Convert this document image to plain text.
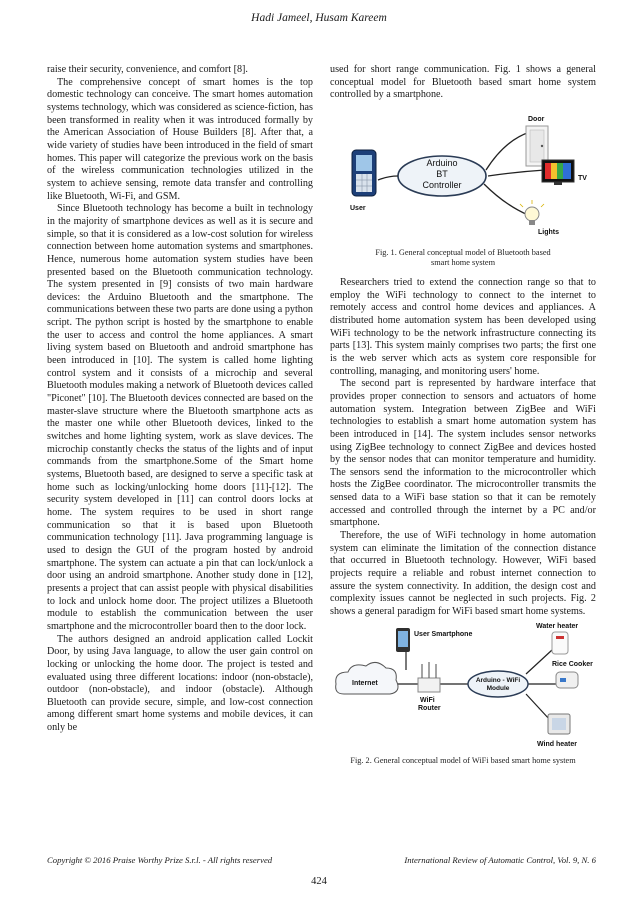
Hadi Jameel, Husam Kareem

raise their security, convenience, and comfort [8].

The comprehensive concept of smart homes is the top domestic technology can conceive. The smart homes automation systems technology, which was considered as science-fiction, has been transformed in reality when it was introduced formally by the American Association of House Builders [8]. After that, a wide variety of studies have been introduced in the field of smart homes. This paper will categorize the previous work on the basis of the wireless communication technologies utilized in the system to achieve sensing, remote data transfer and controlling like Bluetooth, Wi-Fi, and GSM.

Since Bluetooth technology has become a built in technology in the majority of smartphone devices as well as it is secure and simple, so that it is considered as a low-cost solution for wireless connection between home automation systems and smartphones. Hence, numerous home automation system studies have been presented based on the Bluetooth communication technology. The system presented in [9] consists of two main hardware devices: the Arduino Bluetooth and the smartphone. The communications between these two parts are done using a python script. The python script is hosted by the smartphone to enable the user to access and control the home appliances. A smart living system based on Bluetooth and android smartphone has been introduced in [10]. The system is called home lighting control system and it consists of a microchip and several Bluetooth modules making a network of Bluetooth devices called "Piconet" [10]. The Bluetooth devices connected are based on the master-slave structure where the Bluetooth smartphone acts as the master one while other Bluetooth devices, linked to the switches and home lighting system, work as slave devices. The microchip constantly checks the status of the lights and of input commands from the smartphone.Some of the Smart home systems, Bluetooth based, are designed to serve a specific task at home such as locking/unlocking home doors [11]-[12]. The security system developed in [11] can control doors locks at home. The system requires to be used in short range communication so that it is based upon Bluetooth communication technology [11]. Java programming language is used to design the GUI of the program hosted by android smartphone. The system can actuate a pin that can lock/unlock a door using an android smartphone. Another study done in [12], presents a project that can assist people with physical disabilities to lock and unlock home door. The project utilizes a Bluetooth module to establish the communication between the user smartphone and the microcontroller board then to the door lock.

The authors designed an android application called Lockit Door, by using Java language, to allow the user gain control on locking or unlocking the home door. The project is tested and evaluated using three different locations: indoor (non-obstacle), outdoor (non-obstacle), and indoor (obstacle). Although Bluetooth can provide secure, simple, and low-cost connection among different smart home systems and mobile devices, it can only be

used for short range communication. Fig. 1 shows a general conceptual model for Bluetooth based smart home system controlled by a smartphone.

Arduino
BT
Controller
User
Door
TV
Lights
Fig. 1. General conceptual model of Bluetooth based
smart home system

Researchers tried to extend the connection range so that to employ the WiFi technology to connect to the internet to remotely access and control home devices and appliances. A distributed home automation system has been developed using WiFi technology to be the network infrastructure connecting its parts [13]. This system mainly comprises two parts; the first one is the web server which acts as system core responsible for controlling, managing, and monitoring users' home.

The second part is represented by hardware interface that provides proper connection to sensors and actuators of home automation system. Integration between ZigBee and WiFi technologies to establish a smart home automation system has been introduced in [14]. The system includes sensor networks using ZigBee technology to connect ZigBee and devices hosted by the sensor nodes that can monitor temperature and humidity. The sensors send the information to the microcontroller which hosts the ZigBee coordinator. The microcontroller transmits the sensed data to a WiFi base station so that it can be remotely accessed and controlled through the internet by a PC and/or smartphone.

Therefore, the use of WiFi technology in home automation system can eliminate the limitation of the connection distance that occurred in Bluetooth technology. However, WiFi based projects require a reliable and robust internet connection to assure the system connectivity. In addition, the design cost and complexity issues cannot be neglected in such projects. Fig. 2 shows a general paradigm for WiFi based smart home systems.

Internet
User Smartphone
WiFi
Router
Arduino - WiFi
Module
Water heater
Rice Cooker
Wind heater
Fig. 2. General conceptual model of WiFi based smart home system
Copyright © 2016 Praise Worthy Prize S.r.l. - All rights reserved	International Review of Automatic Control, Vol. 9, N. 6
424
